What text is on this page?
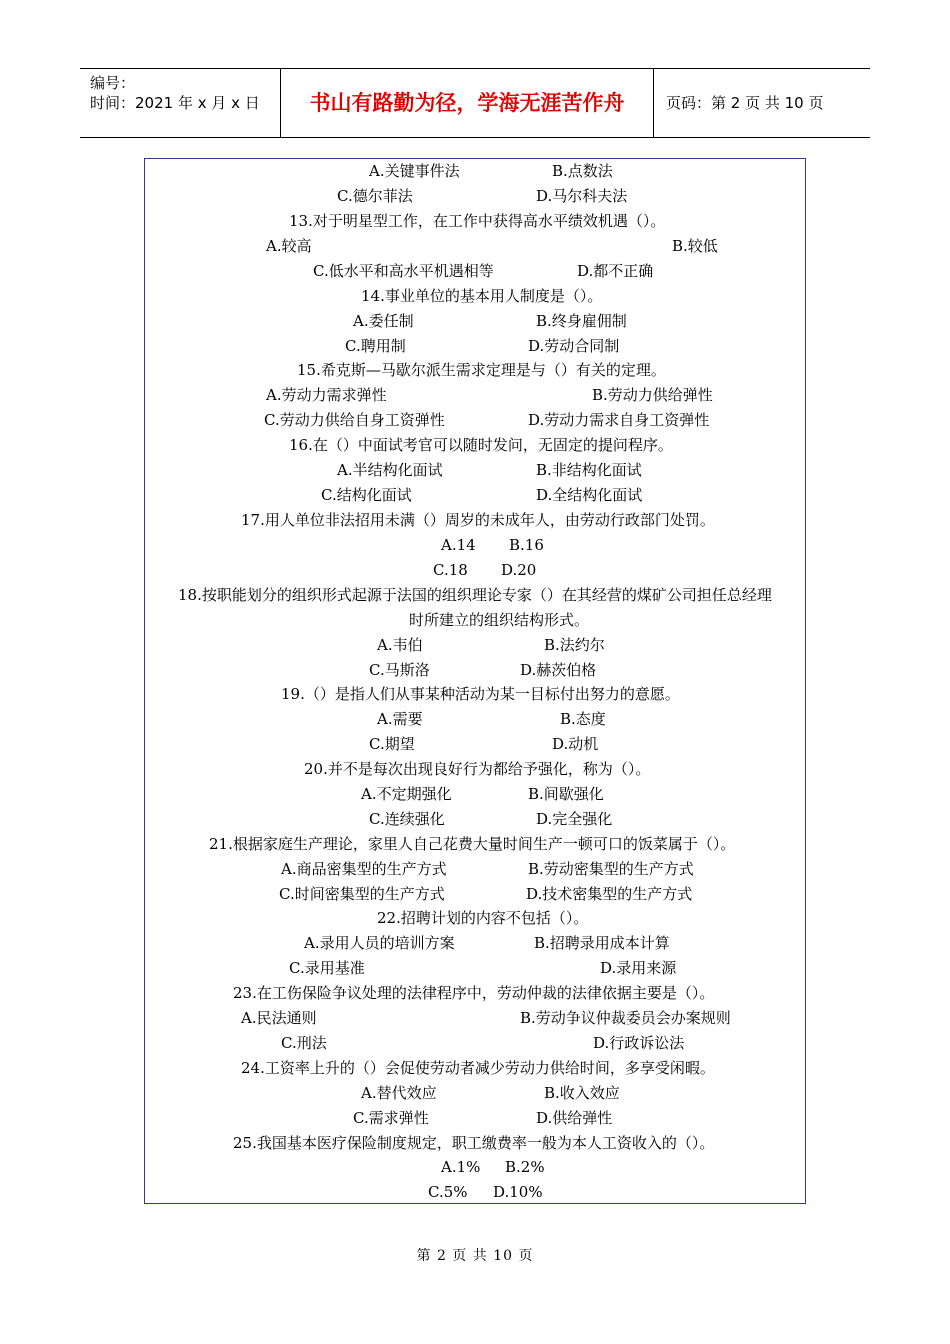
编号：
时间：2021 年 x 月 x 日	书山有路勤为径，学海无涯苦作舟	页码：第 2 页 共 10 页
A.关键事件法	B.点数法
C.德尔菲法	D.马尔科夫法
13.对于明星型工作，在工作中获得高水平绩效机遇（）。
A.较高	B.较低
C.低水平和高水平机遇相等	D.都不正确
14.事业单位的基本用人制度是（）。
A.委任制	B.终身雇佣制
C.聘用制	D.劳动合同制
15.希克斯—马歇尔派生需求定理是与（）有关的定理。
A.劳动力需求弹性	B.劳动力供给弹性
C.劳动力供给自身工资弹性	D.劳动力需求自身工资弹性
16.在（）中面试考官可以随时发问，无固定的提问程序。
A.半结构化面试	B.非结构化面试
C.结构化面试	D.全结构化面试
17.用人单位非法招用未满（）周岁的未成年人，由劳动行政部门处罚。
A.14 B.16
C.18 D.20
18.按职能划分的组织形式起源于法国的组织理论专家（）在其经营的煤矿公司担任总经理
时所建立的组织结构形式。
A.韦伯	B.法约尔
C.马斯洛	D.赫茨伯格
19.（）是指人们从事某种活动为某一目标付出努力的意愿。
A.需要	B.态度
C.期望	D.动机
20.并不是每次出现良好行为都给予强化，称为（）。
A.不定期强化	B.间歇强化
C.连续强化	D.完全强化
21.根据家庭生产理论，家里人自己花费大量时间生产一顿可口的饭菜属于（）。
A.商品密集型的生产方式	B.劳动密集型的生产方式
C.时间密集型的生产方式	D.技术密集型的生产方式
22.招聘计划的内容不包括（）。
A.录用人员的培训方案	B.招聘录用成本计算
C.录用基准	D.录用来源
23.在工伤保险争议处理的法律程序中，劳动仲裁的法律依据主要是（）。
A.民法通则	B.劳动争议仲裁委员会办案规则
C.刑法	D.行政诉讼法
24.工资率上升的（）会促使劳动者减少劳动力供给时间，多享受闲暇。
A.替代效应	B.收入效应
C.需求弹性	D.供给弹性
25.我国基本医疗保险制度规定，职工缴费率一般为本人工资收入的（）。
A.1% B.2%
C.5% D.10%
第 2 页 共 10 页
